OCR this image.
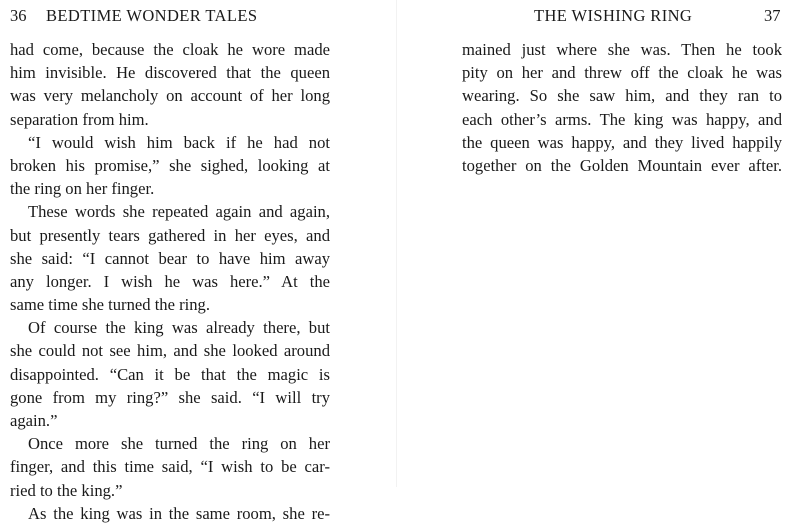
36 BEDTIME WONDER TALES
had come, because the cloak he wore made
him invisible. He discovered that the queen
was very melancholy on account of her long
separation from him.
“I would wish him back if he had not
broken his promise,” she sighed, looking at
the ring on her finger.
These words she repeated again and again,
but presently tears gathered in her eyes, and
she said: “I cannot bear to have him away
any longer. I wish he was here.” At the
same time she turned the ring.
Of course the king was already there, but
she could not see him, and she looked around
disappointed. “Can it be that the magic is
gone from my ring?” she said. “I will try
again.”
Once more she turned the ring on her
finger, and this time said, “I wish to be car-
ried to the king.”
As the king was in the same room, she re-
THE WISHING RING	37
mained just where she was. Then he took
pity on her and threw off the cloak he was
wearing. So she saw him, and they ran to
each other’s arms. The king was happy, and
the queen was happy, and they lived happily
together on the Golden Mountain ever after.
